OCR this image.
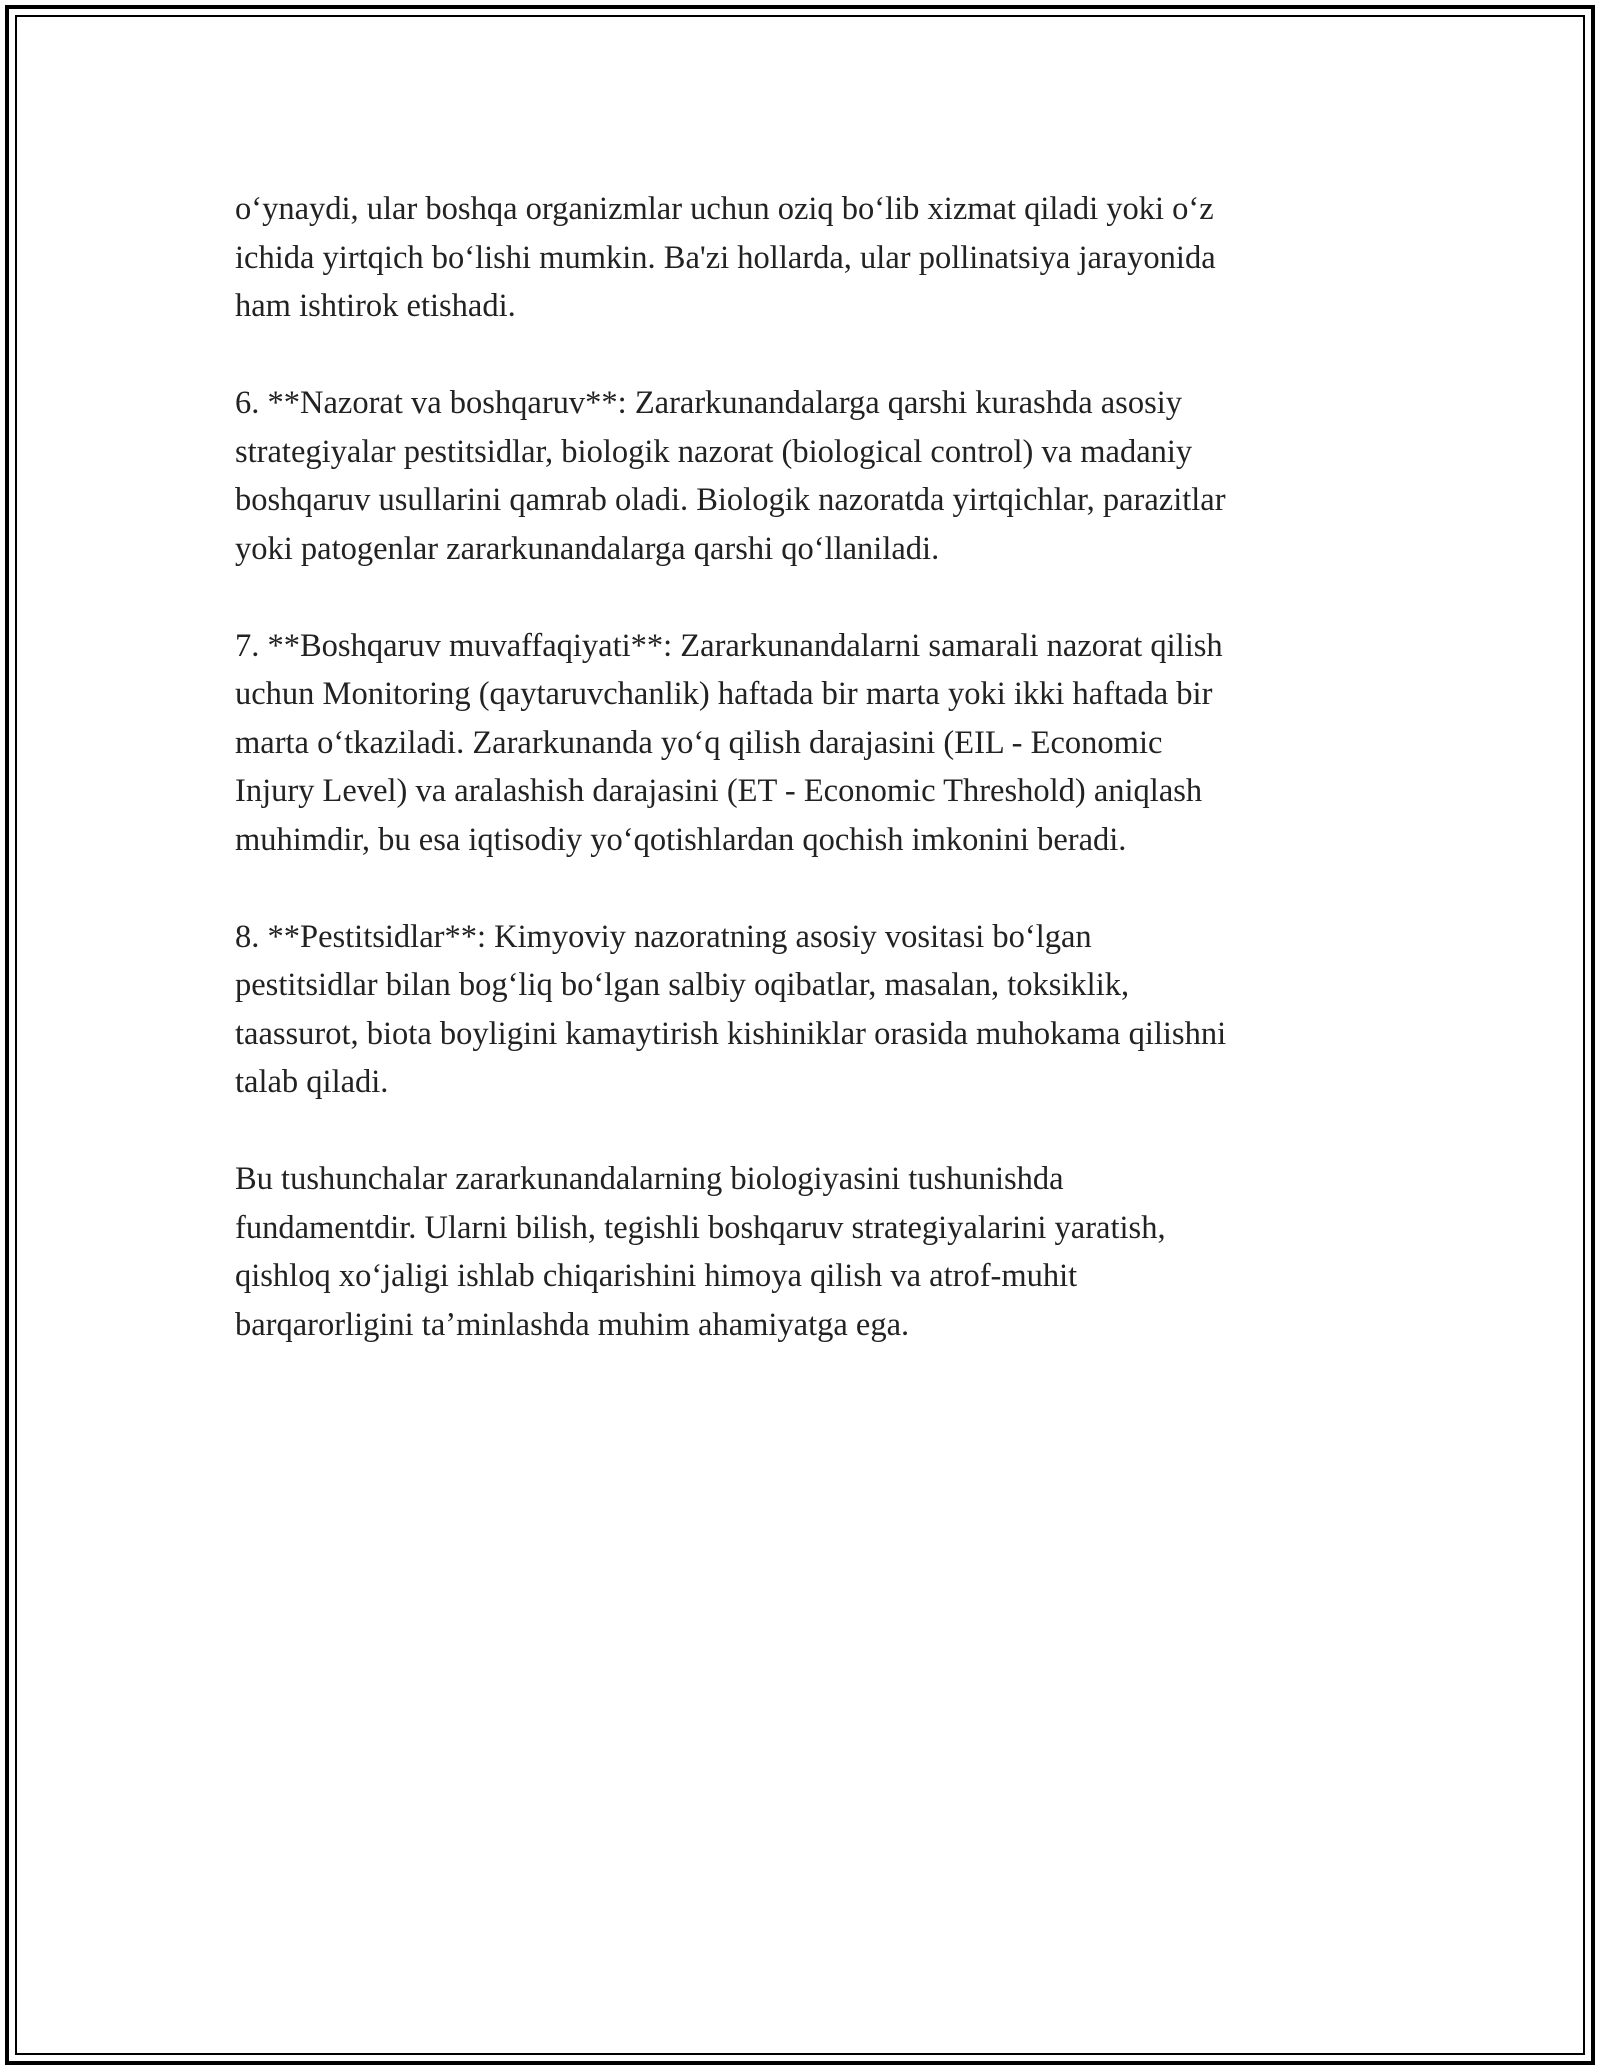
oʻynaydi, ular boshqa organizmlar uchun oziq boʻlib xizmat qiladi yoki oʻz
ichida yirtqich boʻlishi mumkin. Ba'zi hollarda, ular pollinatsiya jarayonida
ham ishtirok etishadi.

6. **Nazorat va boshqaruv**: Zararkunandalarga qarshi kurashda asosiy
strategiyalar pestitsidlar, biologik nazorat (biological control) va madaniy
boshqaruv usullarini qamrab oladi. Biologik nazoratda yirtqichlar, parazitlar
yoki patogenlar zararkunandalarga qarshi qoʻllaniladi.

7. **Boshqaruv muvaffaqiyati**: Zararkunandalarni samarali nazorat qilish
uchun Monitoring (qaytaruvchanlik) haftada bir marta yoki ikki haftada bir
marta oʻtkaziladi. Zararkunanda yoʻq qilish darajasini (EIL - Economic
Injury Level) va aralashish darajasini (ET - Economic Threshold) aniqlash
muhimdir, bu esa iqtisodiy yoʻqotishlardan qochish imkonini beradi.

8. **Pestitsidlar**: Kimyoviy nazoratning asosiy vositasi boʻlgan
pestitsidlar bilan bogʻliq boʻlgan salbiy oqibatlar, masalan, toksiklik,
taassurot, biota boyligini kamaytirish kishiniklar orasida muhokama qilishni
talab qiladi.

Bu tushunchalar zararkunandalarning biologiyasini tushunishda
fundamentdir. Ularni bilish, tegishli boshqaruv strategiyalarini yaratish,
qishloq xoʻjaligi ishlab chiqarishini himoya qilish va atrof-muhit
barqarorligini taʼminlashda muhim ahamiyatga ega.
